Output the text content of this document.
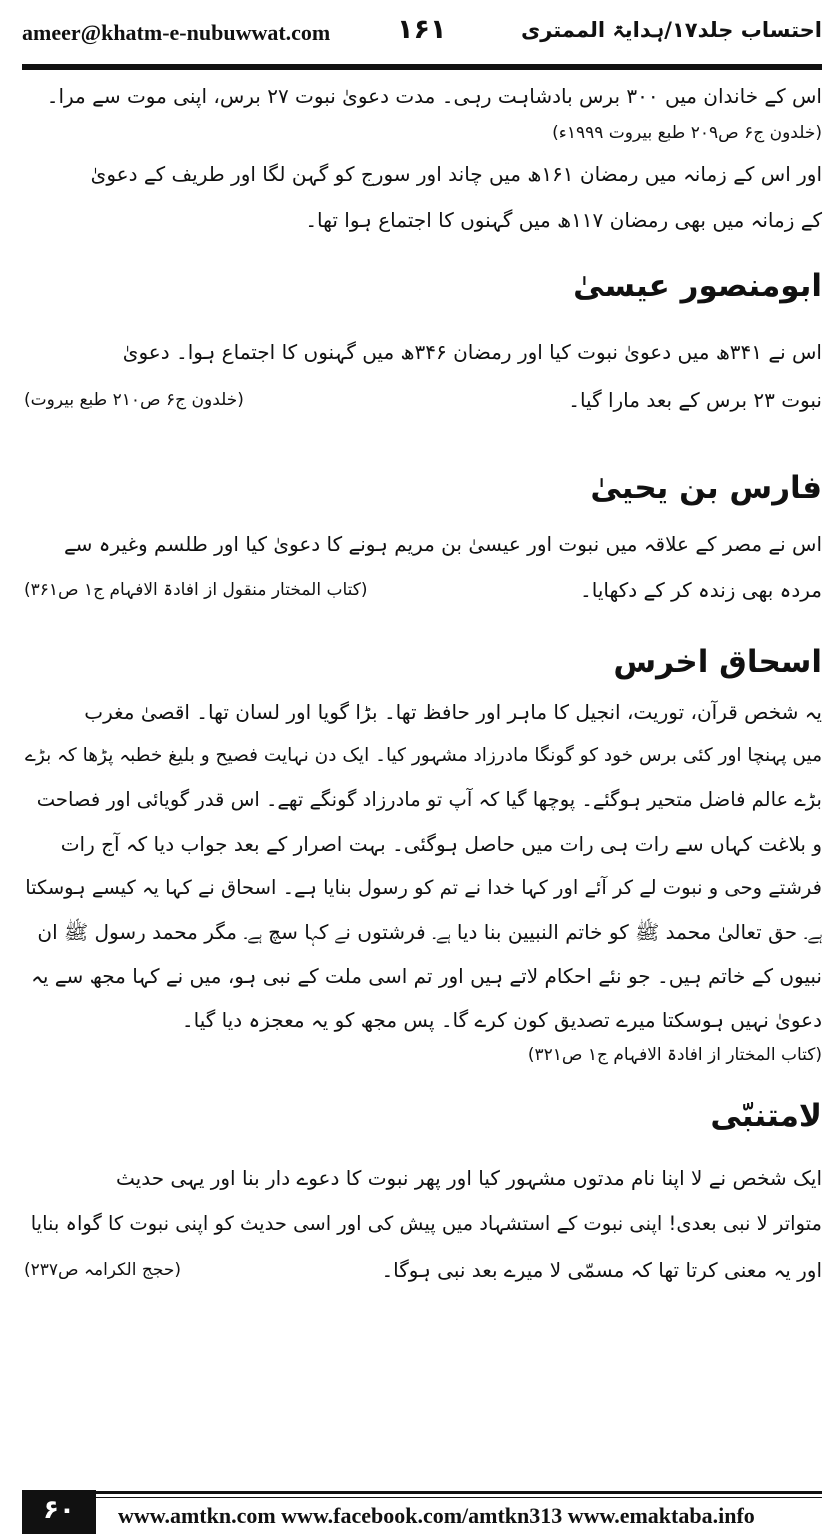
ameer@khatm-e-nubuwwat.com ۱۶۱	احتساب جلد۱۷/ہدایۃ الممتری
اس کے خاندان میں ۳۰۰ برس بادشاہت رہی۔ مدت دعویٰ نبوت ۲۷ برس، اپنی موت سے مرا۔
(خلدون ج۶ ص۲۰۹ طبع بیروت ۱۹۹۹ء)
اور اس کے زمانہ میں رمضان ۱۶۱ھ میں چاند اور سورج کو گہن لگا اور طریف کے دعویٰ
کے زمانہ میں بھی رمضان ۱۱۷ھ میں گہنوں کا اجتماع ہوا تھا۔
ابومنصور عیسیٰ
اس نے ۳۴۱ھ میں دعویٰ نبوت کیا اور رمضان ۳۴۶ھ میں گہنوں کا اجتماع ہوا۔ دعویٰ
نبوت ۲۳ برس کے بعد مارا گیا۔
(خلدون ج۶ ص۲۱۰ طبع بیروت)
فارس بن یحییٰ
اس نے مصر کے علاقہ میں نبوت اور عیسیٰ بن مریم ہونے کا دعویٰ کیا اور طلسم وغیرہ سے
مردہ بھی زندہ کر کے دکھایا۔
(کتاب المختار منقول از افادۃ الافہام ج۱ ص۳۶۱)
اسحاق اخرس
یہ شخص قرآن، توریت، انجیل کا ماہر اور حافظ تھا۔ بڑا گویا اور لسان تھا۔ اقصیٰ مغرب
میں پہنچا اور کئی برس خود کو گونگا مادرزاد مشہور کیا۔ ایک دن نہایت فصیح و بلیغ خطبہ پڑھا کہ بڑے
بڑے عالم فاضل متحیر ہوگئے۔ پوچھا گیا کہ آپ تو مادرزاد گونگے تھے۔ اس قدر گویائی اور فصاحت
و بلاغت کہاں سے رات ہی رات میں حاصل ہوگئی۔ بہت اصرار کے بعد جواب دیا کہ آج رات
فرشتے وحی و نبوت لے کر آئے اور کہا خدا نے تم کو رسول بنایا ہے۔ اسحاق نے کہا یہ کیسے ہوسکتا
ہے۔ حق تعالیٰ محمد ﷺ کو خاتم النبیین بنا دیا ہے۔ فرشتوں نے کہا سچ ہے۔ مگر محمد رسول ﷺ ان
نبیوں کے خاتم ہیں۔ جو نئے احکام لاتے ہیں اور تم اسی ملت کے نبی ہو، میں نے کہا مجھ سے یہ
دعویٰ نہیں ہوسکتا میرے تصدیق کون کرے گا۔ پس مجھ کو یہ معجزہ دیا گیا۔
(کتاب المختار از افادۃ الافہام ج۱ ص۳۲۱)
لامتنبّی
ایک شخص نے لا اپنا نام مدتوں مشہور کیا اور پھر نبوت کا دعوے دار بنا اور یہی حدیث
متواتر لا نبی بعدی! اپنی نبوت کے استشہاد میں پیش کی اور اسی حدیث کو اپنی نبوت کا گواہ بنایا
اور یہ معنی کرتا تھا کہ مسمّی لا میرے بعد نبی ہوگا۔
(حجج الکرامہ ص۲۳۷)
۶۰	www.amtkn.com www.facebook.com/amtkn313 www.emaktaba.info
